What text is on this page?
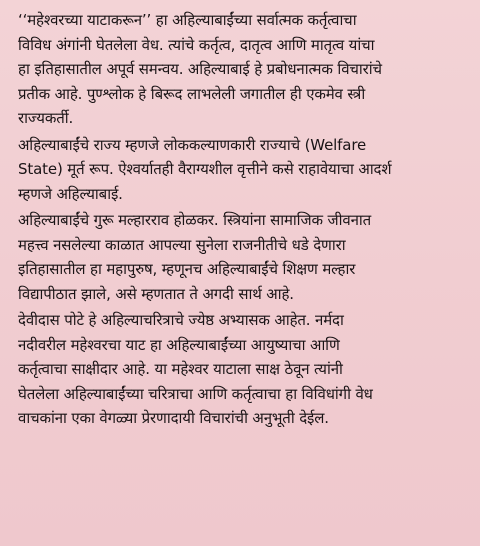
‘‘महेश्वरच्या याटाकरून’’ हा अहिल्याबाईंच्या सर्वात्मक कर्तृत्वाचा
विविध अंगांनी घेतलेला वेध. त्यांचे कर्तृत्व, दातृत्व आणि मातृत्व यांचा
हा इतिहासातील अपूर्व समन्वय. अहिल्याबाई हे प्रबोधनात्मक विचारांचे
प्रतीक आहे. पुण्श्लोक हे बिरूद लाभलेली जगातील ही एकमेव स्त्री
राज्यकर्ती.

अहिल्याबाईंचे राज्य म्हणजे लोककल्याणकारी राज्याचे (Welfare
State) मूर्त रूप. ऐश्वर्यातही वैराग्यशील वृत्तीने कसे राहावेयाचा आदर्श
म्हणजे अहिल्याबाई.

अहिल्याबाईंचे गुरू मल्हारराव होळकर. स्त्रियांना सामाजिक जीवनात
महत्त्व नसलेल्या काळात आपल्या सुनेला राजनीतीचे धडे देणारा
इतिहासातील हा महापुरुष, म्हणूनच अहिल्याबाईंचे शिक्षण मल्हार
विद्यापीठात झाले, असे म्हणतात ते अगदी सार्थ आहे.

देवीदास पोटे हे अहिल्याचरित्राचे ज्येष्ठ अभ्यासक आहेत. नर्मदा
नदीवरील महेश्वरचा याट हा अहिल्याबाईंच्या आयुष्याचा आणि
कर्तृत्वाचा साक्षीदार आहे. या महेश्वर याटाला साक्ष ठेवून त्यांनी
घेतलेला अहिल्याबाईंच्या चरित्राचा आणि कर्तृत्वाचा हा विविधांगी वेध
वाचकांना एका वेगळ्या प्रेरणादायी विचारांची अनुभूती देईल.
